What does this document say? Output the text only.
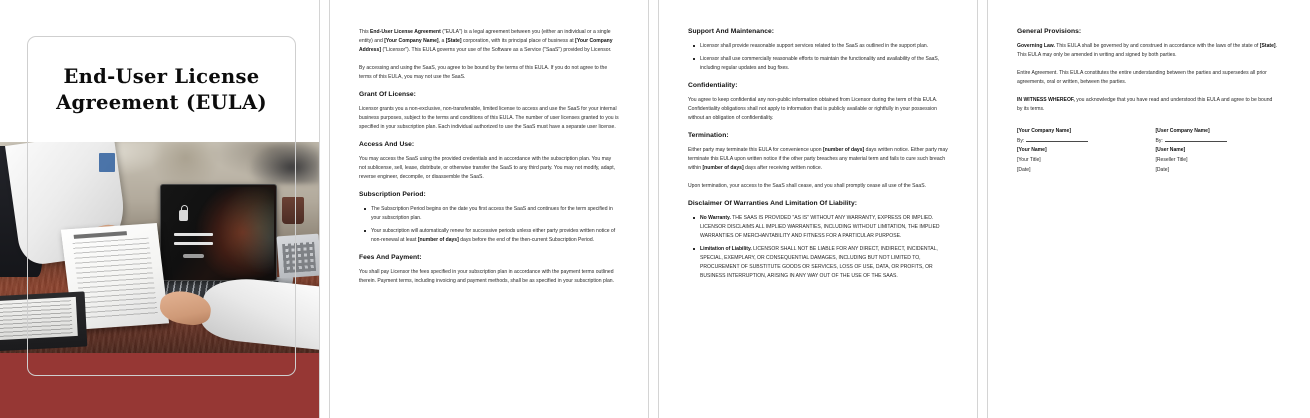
End-User License
Agreement (EULA)

This End-User License Agreement ("EULA") is a legal agreement between you (either an individual or a single entity) and [Your Company Name], a [State] corporation, with its principal place of business at [Your Company Address] ("Licensor"). This EULA governs your use of the Software as a Service ("SaaS") provided by Licensor.

By accessing and using the SaaS, you agree to be bound by the terms of this EULA. If you do not agree to the terms of this EULA, you may not use the SaaS.

Grant Of License:

Licensor grants you a non-exclusive, non-transferable, limited license to access and use the SaaS for your internal business purposes, subject to the terms and conditions of this EULA. The number of user licenses granted to you is specified in your subscription plan. Each individual authorized to use the SaaS must have a separate user license.

Access And Use:

You may access the SaaS using the provided credentials and in accordance with the subscription plan. You may not sublicense, sell, lease, distribute, or otherwise transfer the SaaS to any third party. You may not modify, adapt, reverse engineer, decompile, or disassemble the SaaS.

Subscription Period:
The Subscription Period begins on the date you first access the SaaS and continues for the term specified in your subscription plan.
Your subscription will automatically renew for successive periods unless either party provides written notice of non-renewal at least [number of days] days before the end of the then-current Subscription Period.
Fees And Payment:

You shall pay Licensor the fees specified in your subscription plan in accordance with the payment terms outlined therein. Payment terms, including invoicing and payment methods, shall be as specified in your subscription plan.

Support And Maintenance:
Licensor shall provide reasonable support services related to the SaaS as outlined in the support plan.
Licensor shall use commercially reasonable efforts to maintain the functionality and availability of the SaaS, including regular updates and bug fixes.
Confidentiality:

You agree to keep confidential any non-public information obtained from Licensor during the term of this EULA. Confidentiality obligations shall not apply to information that is publicly available or rightfully in your possession without an obligation of confidentiality.

Termination:

Either party may terminate this EULA for convenience upon [number of days] days written notice. Either party may terminate this EULA upon written notice if the other party breaches any material term and fails to cure such breach within [number of days] days after receiving written notice.

Upon termination, your access to the SaaS shall cease, and you shall promptly cease all use of the SaaS.

Disclaimer Of Warranties And Limitation Of Liability:
No Warranty. THE SAAS IS PROVIDED "AS IS" WITHOUT ANY WARRANTY, EXPRESS OR IMPLIED. LICENSOR DISCLAIMS ALL IMPLIED WARRANTIES, INCLUDING WITHOUT LIMITATION, THE IMPLIED WARRANTIES OF MERCHANTABILITY AND FITNESS FOR A PARTICULAR PURPOSE.
Limitation of Liability. LICENSOR SHALL NOT BE LIABLE FOR ANY DIRECT, INDIRECT, INCIDENTAL, SPECIAL, EXEMPLARY, OR CONSEQUENTIAL DAMAGES, INCLUDING BUT NOT LIMITED TO, PROCUREMENT OF SUBSTITUTE GOODS OR SERVICES, LOSS OF USE, DATA, OR PROFITS, OR BUSINESS INTERRUPTION, ARISING IN ANY WAY OUT OF THE USE OF THE SAAS.
General Provisions:

Governing Law. This EULA shall be governed by and construed in accordance with the laws of the state of [State]. This EULA may only be amended in writing and signed by both parties.

Entire Agreement. This EULA constitutes the entire understanding between the parties and supersedes all prior agreements, oral or written, between the parties.

IN WITNESS WHEREOF, you acknowledge that you have read and understood this EULA and agree to be bound by its terms.

[Your Company Name]
By:
[Your Name]
[Your Title]
[Date]
[User Company Name]
By:
[User Name]
[Reseller Title]
[Date]
